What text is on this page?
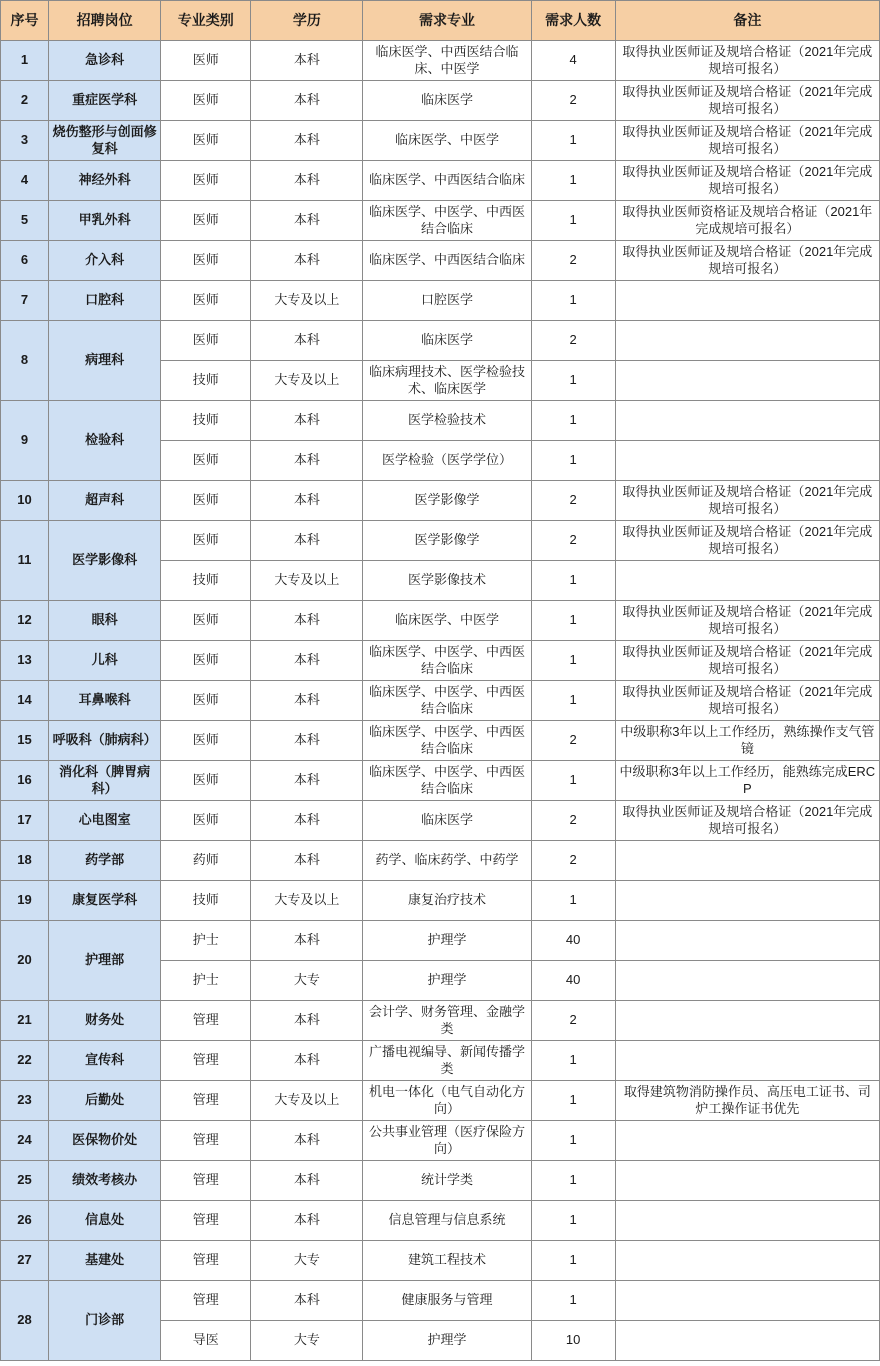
序号	招聘岗位	专业类别	学历	需求专业	需求人数	备注
1	急诊科	医师	本科	临床医学、中西医结合临床、中医学	4	取得执业医师证及规培合格证（2021年完成规培可报名）
2	重症医学科	医师	本科	临床医学	2	取得执业医师证及规培合格证（2021年完成规培可报名）
3	烧伤整形与创面修复科	医师	本科	临床医学、中医学	1	取得执业医师证及规培合格证（2021年完成规培可报名）
4	神经外科	医师	本科	临床医学、中西医结合临床	1	取得执业医师证及规培合格证（2021年完成规培可报名）
5	甲乳外科	医师	本科	临床医学、中医学、中西医结合临床	1	取得执业医师资格证及规培合格证（2021年完成规培可报名）
6	介入科	医师	本科	临床医学、中西医结合临床	2	取得执业医师证及规培合格证（2021年完成规培可报名）
7	口腔科	医师	大专及以上	口腔医学	1	
8	病理科	医师	本科	临床医学	2	
		技师	大专及以上	临床病理技术、医学检验技术、临床医学	1	
9	检验科	技师	本科	医学检验技术	1	
		医师	本科	医学检验（医学学位）	1	
10	超声科	医师	本科	医学影像学	2	取得执业医师证及规培合格证（2021年完成规培可报名）
11	医学影像科	医师	本科	医学影像学	2	取得执业医师证及规培合格证（2021年完成规培可报名）
		技师	大专及以上	医学影像技术	1	
12	眼科	医师	本科	临床医学、中医学	1	取得执业医师证及规培合格证（2021年完成规培可报名）
13	儿科	医师	本科	临床医学、中医学、中西医结合临床	1	取得执业医师证及规培合格证（2021年完成规培可报名）
14	耳鼻喉科	医师	本科	临床医学、中医学、中西医结合临床	1	取得执业医师证及规培合格证（2021年完成规培可报名）
15	呼吸科（肺病科）	医师	本科	临床医学、中医学、中西医结合临床	2	中级职称3年以上工作经历，熟练操作支气管镜
16	消化科（脾胃病科）	医师	本科	临床医学、中医学、中西医结合临床	1	中级职称3年以上工作经历，能熟练完成ERCP
17	心电图室	医师	本科	临床医学	2	取得执业医师证及规培合格证（2021年完成规培可报名）
18	药学部	药师	本科	药学、临床药学、中药学	2	
19	康复医学科	技师	大专及以上	康复治疗技术	1	
20	护理部	护士	本科	护理学	40	
		护士	大专	护理学	40	
21	财务处	管理	本科	会计学、财务管理、金融学类	2	
22	宣传科	管理	本科	广播电视编导、新闻传播学类	1	
23	后勤处	管理	大专及以上	机电一体化（电气自动化方向）	1	取得建筑物消防操作员、高压电工证书、司炉工操作证书优先
24	医保物价处	管理	本科	公共事业管理（医疗保险方向）	1	
25	绩效考核办	管理	本科	统计学类	1	
26	信息处	管理	本科	信息管理与信息系统	1	
27	基建处	管理	大专	建筑工程技术	1	
28	门诊部	管理	本科	健康服务与管理	1	
		导医	大专	护理学	10	
